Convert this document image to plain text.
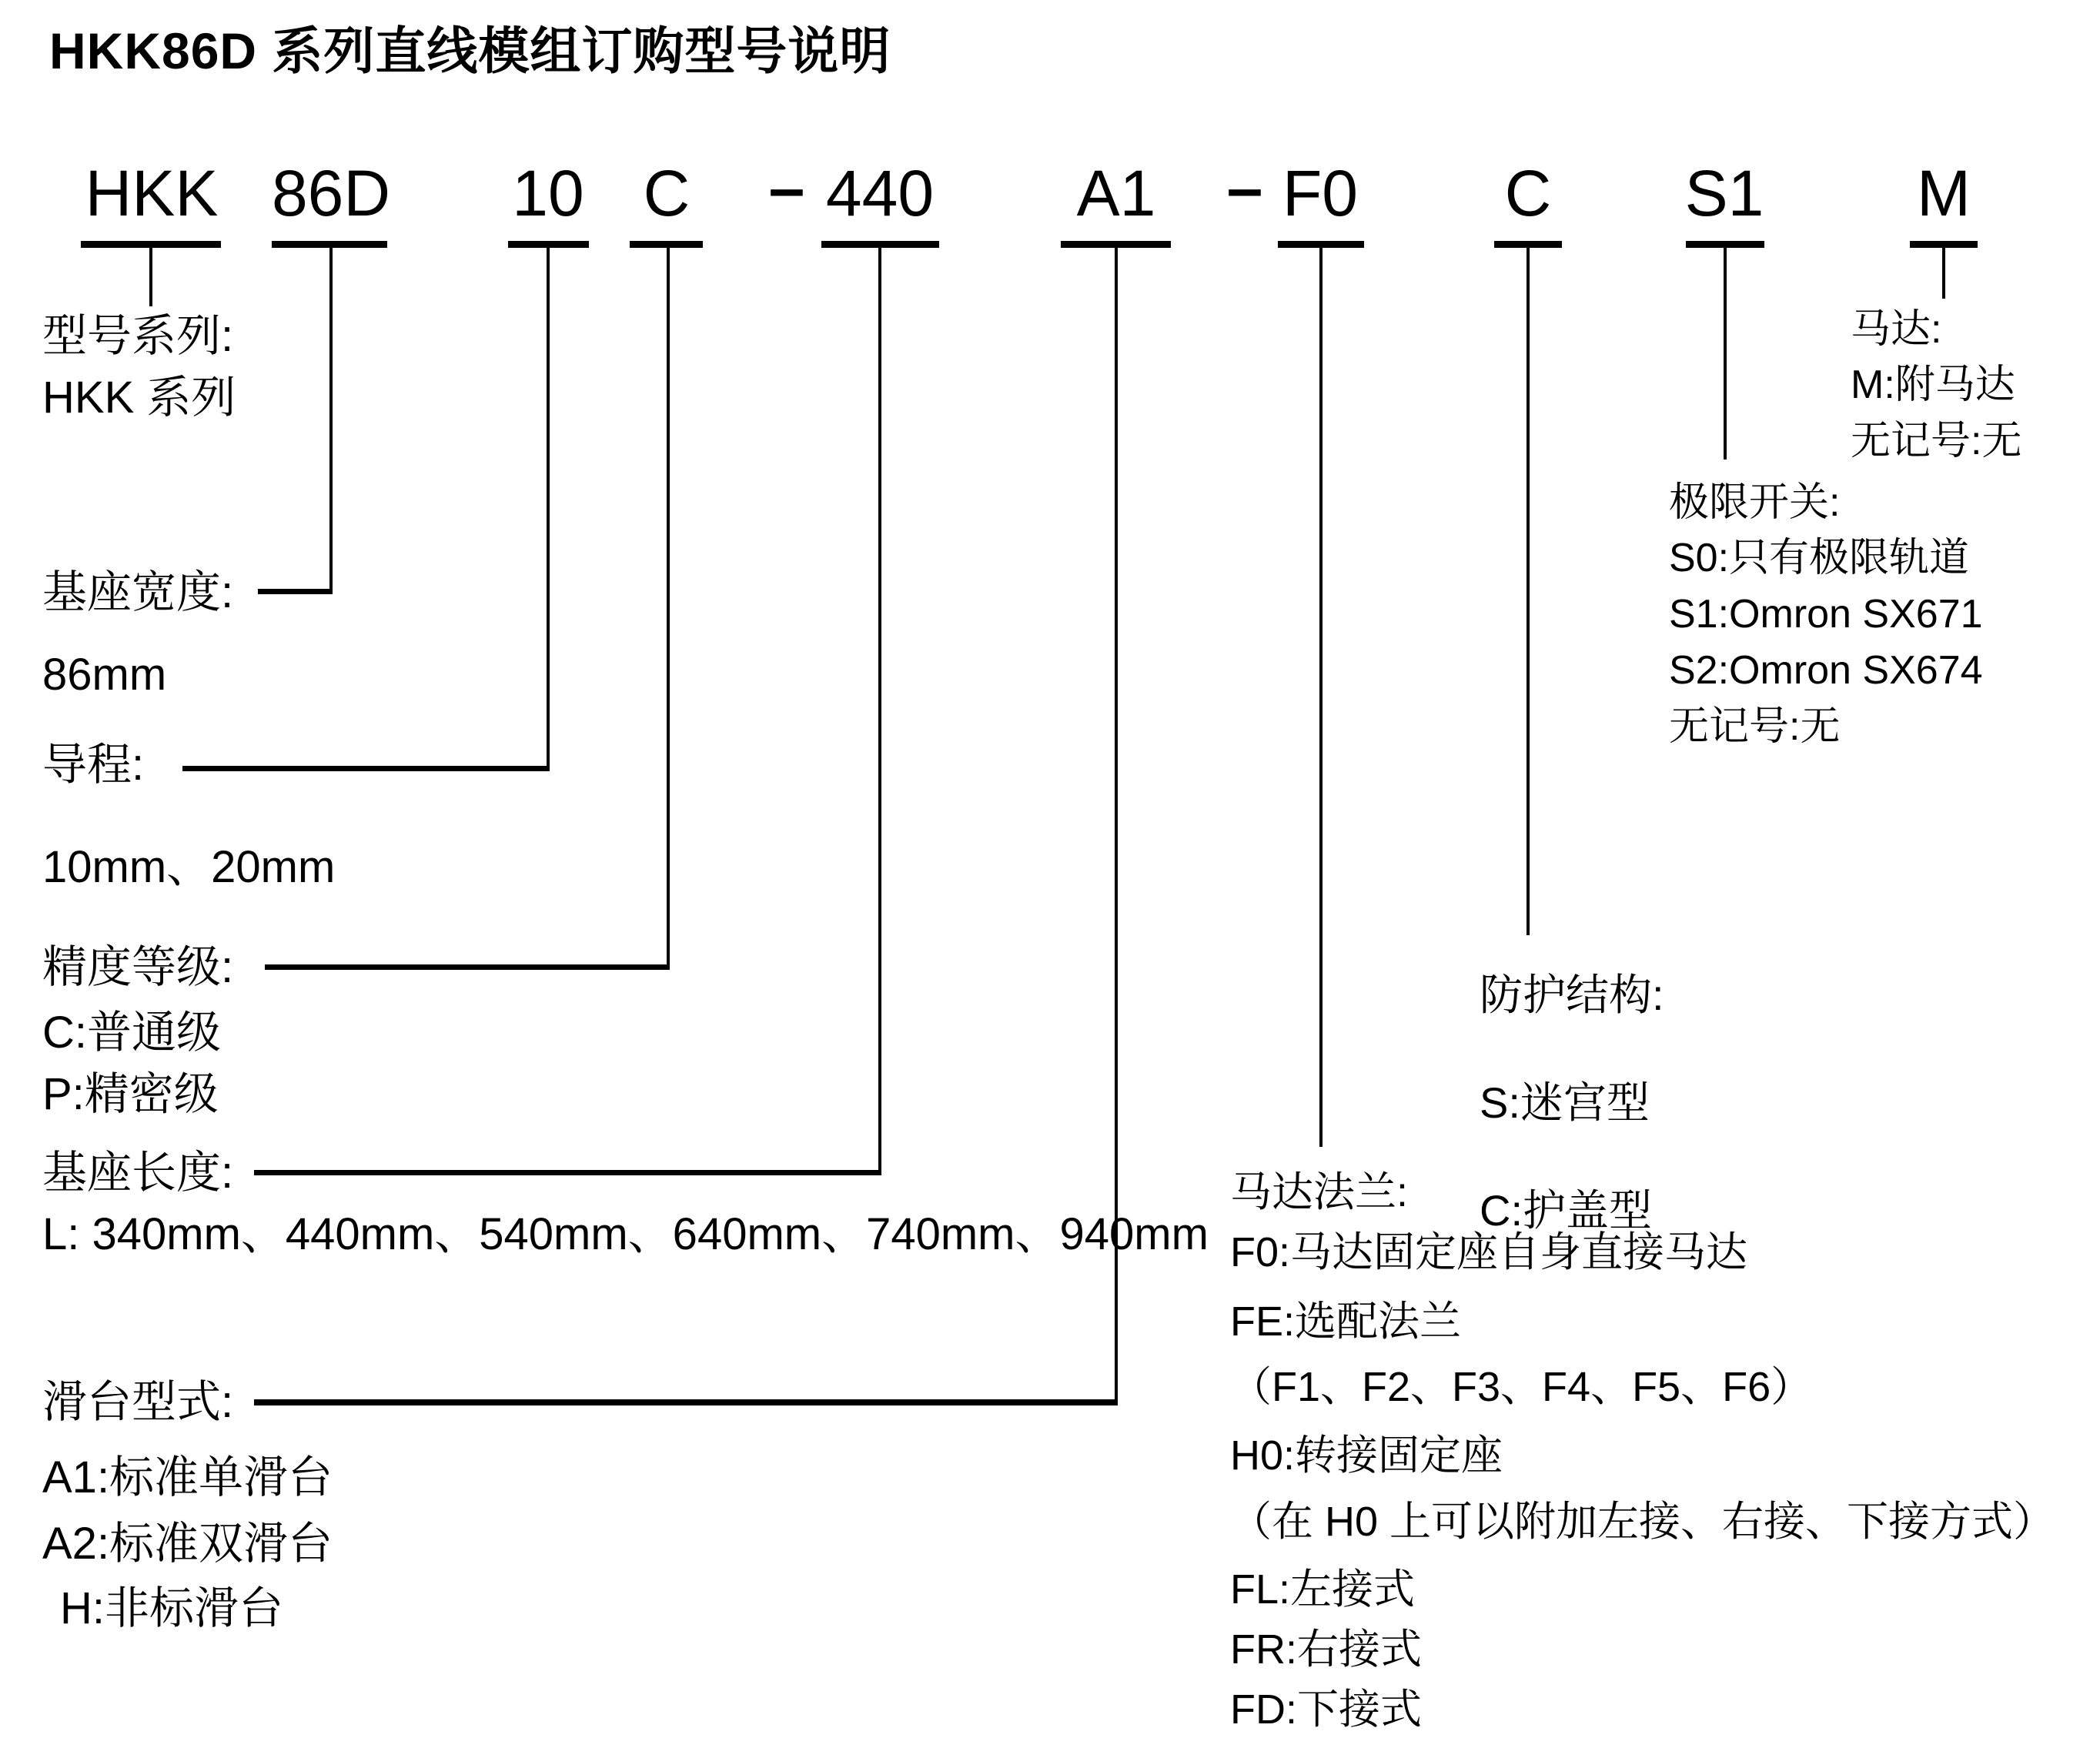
HKK86D 系列直线模组订购型号说明
HKK 86D 10 C – 440 A1 – F0 C S1 M
型号系列:
HKK 系列
基座宽度:
86mm
导程:
10mm、20mm
精度等级:
C:普通级
P:精密级
基座长度:
L: 340mm、440mm、540mm、640mm、740mm、940mm
滑台型式:
A1:标准单滑台
A2:标准双滑台
H:非标滑台
马达法兰:
F0:马达固定座自身直接马达
FE:选配法兰
（F1、F2、F3、F4、F5、F6）
H0:转接固定座
（在 H0 上可以附加左接、右接、下接方式）
FL:左接式
FR:右接式
FD:下接式
防护结构:
S:迷宫型
C:护盖型
极限开关:
S0:只有极限轨道
S1:Omron SX671
S2:Omron SX674
无记号:无
马达:
M:附马达
无记号:无
